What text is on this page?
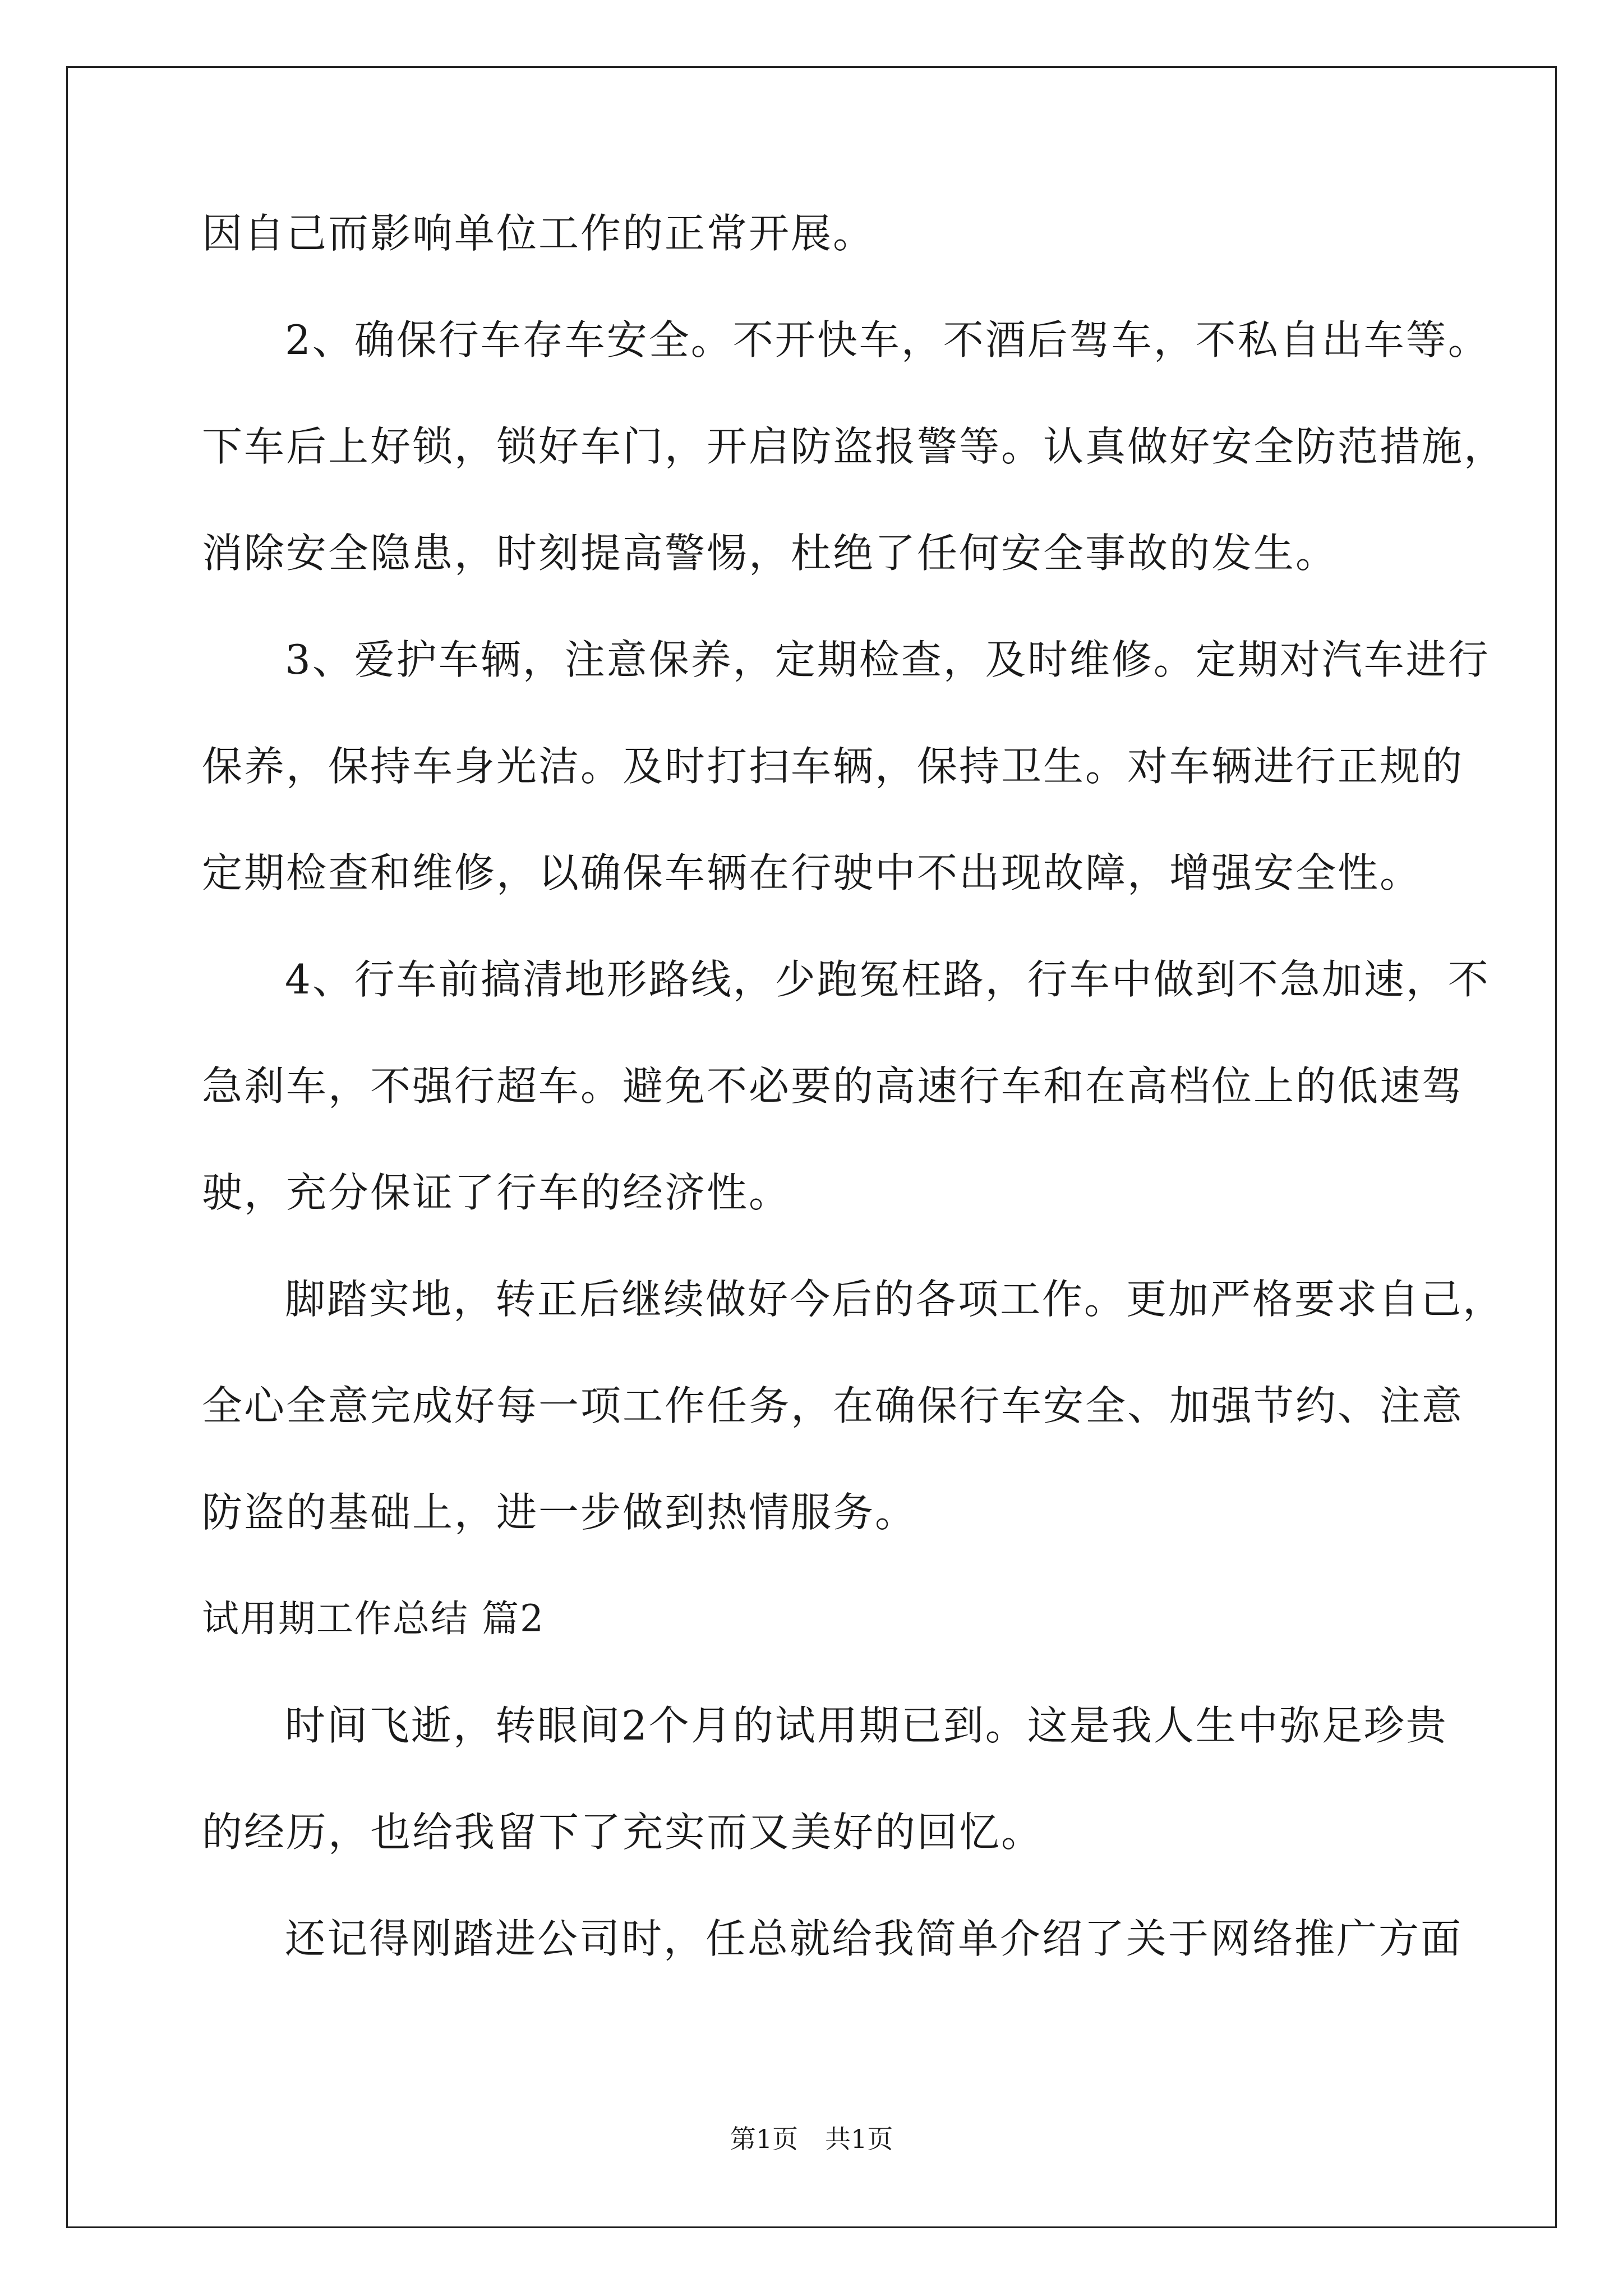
因自己而影响单位工作的正常开展。
2、确保行车存车安全。不开快车，不酒后驾车，不私自出车等。
下车后上好锁，锁好车门，开启防盗报警等。认真做好安全防范措施，
消除安全隐患，时刻提高警惕，杜绝了任何安全事故的发生。
3、爱护车辆，注意保养，定期检查，及时维修。定期对汽车进行
保养，保持车身光洁。及时打扫车辆，保持卫生。对车辆进行正规的
定期检查和维修，以确保车辆在行驶中不出现故障，增强安全性。
4、行车前搞清地形路线，少跑冤枉路，行车中做到不急加速，不
急刹车，不强行超车。避免不必要的高速行车和在高档位上的低速驾
驶，充分保证了行车的经济性。
脚踏实地，转正后继续做好今后的各项工作。更加严格要求自己，
全心全意完成好每一项工作任务，在确保行车安全、加强节约、注意
防盗的基础上，进一步做到热情服务。
试用期工作总结 篇2
时间飞逝，转眼间2个月的试用期已到。这是我人生中弥足珍贵
的经历，也给我留下了充实而又美好的回忆。
还记得刚踏进公司时，任总就给我简单介绍了关于网络推广方面
第1页 共1页
